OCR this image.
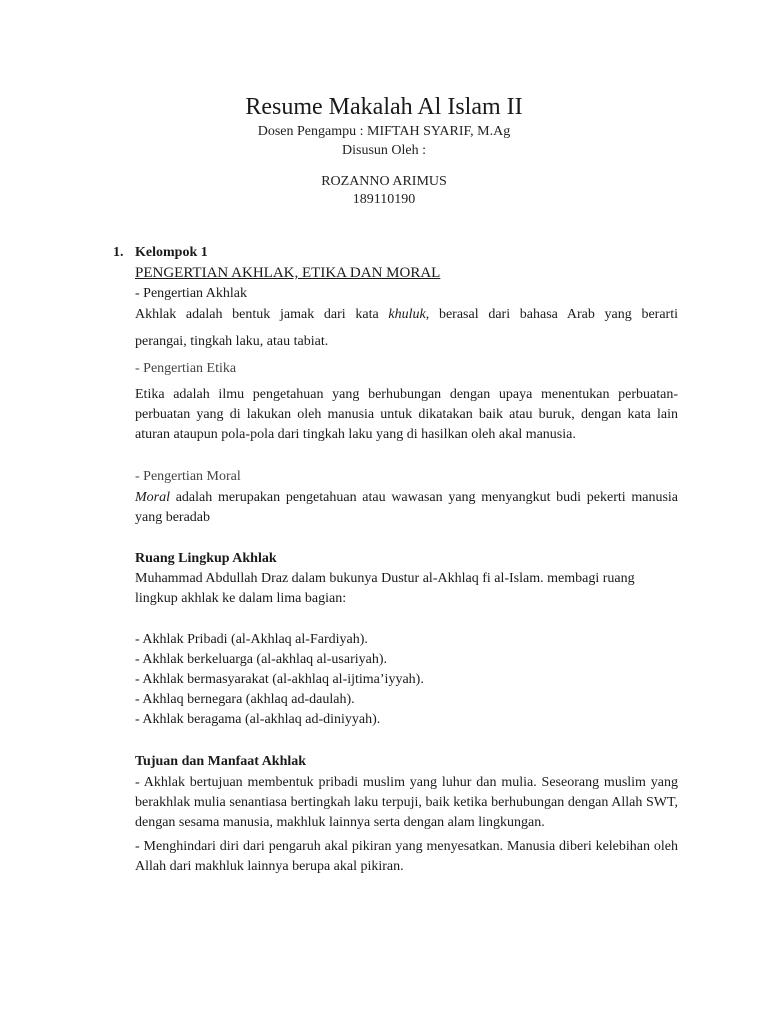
Resume Makalah Al Islam II
Dosen Pengampu : MIFTAH SYARIF, M.Ag
Disusun Oleh :
ROZANNO ARIMUS
189110190
1. Kelompok 1
PENGERTIAN AKHLAK, ETIKA DAN MORAL
- Pengertian Akhlak
Akhlak adalah bentuk jamak dari kata khuluk, berasal dari bahasa Arab yang berarti
perangai, tingkah laku, atau tabiat.
- Pengertian Etika
Etika adalah ilmu pengetahuan yang berhubungan dengan upaya menentukan perbuatan-perbuatan yang di lakukan oleh manusia untuk dikatakan baik atau buruk, dengan kata lain aturan ataupun pola-pola dari tingkah laku yang di hasilkan oleh akal manusia.
- Pengertian Moral
Moral adalah merupakan pengetahuan atau wawasan yang menyangkut budi pekerti manusia yang beradab
Ruang Lingkup Akhlak
Muhammad Abdullah Draz dalam bukunya Dustur al-Akhlaq fi al-Islam. membagi ruang lingkup akhlak ke dalam lima bagian:
- Akhlak Pribadi (al-Akhlaq al-Fardiyah).
- Akhlak berkeluarga (al-akhlaq al-usariyah).
- Akhlak bermasyarakat (al-akhlaq al-ijtima’iyyah).
- Akhlaq bernegara (akhlaq ad-daulah).
- Akhlak beragama (al-akhlaq ad-diniyyah).
Tujuan dan Manfaat Akhlak
- Akhlak bertujuan membentuk pribadi muslim yang luhur dan mulia. Seseorang muslim yang berakhlak mulia senantiasa bertingkah laku terpuji, baik ketika berhubungan dengan Allah SWT, dengan sesama manusia, makhluk lainnya serta dengan alam lingkungan.
- Menghindari diri dari pengaruh akal pikiran yang menyesatkan. Manusia diberi kelebihan oleh Allah dari makhluk lainnya berupa akal pikiran.
